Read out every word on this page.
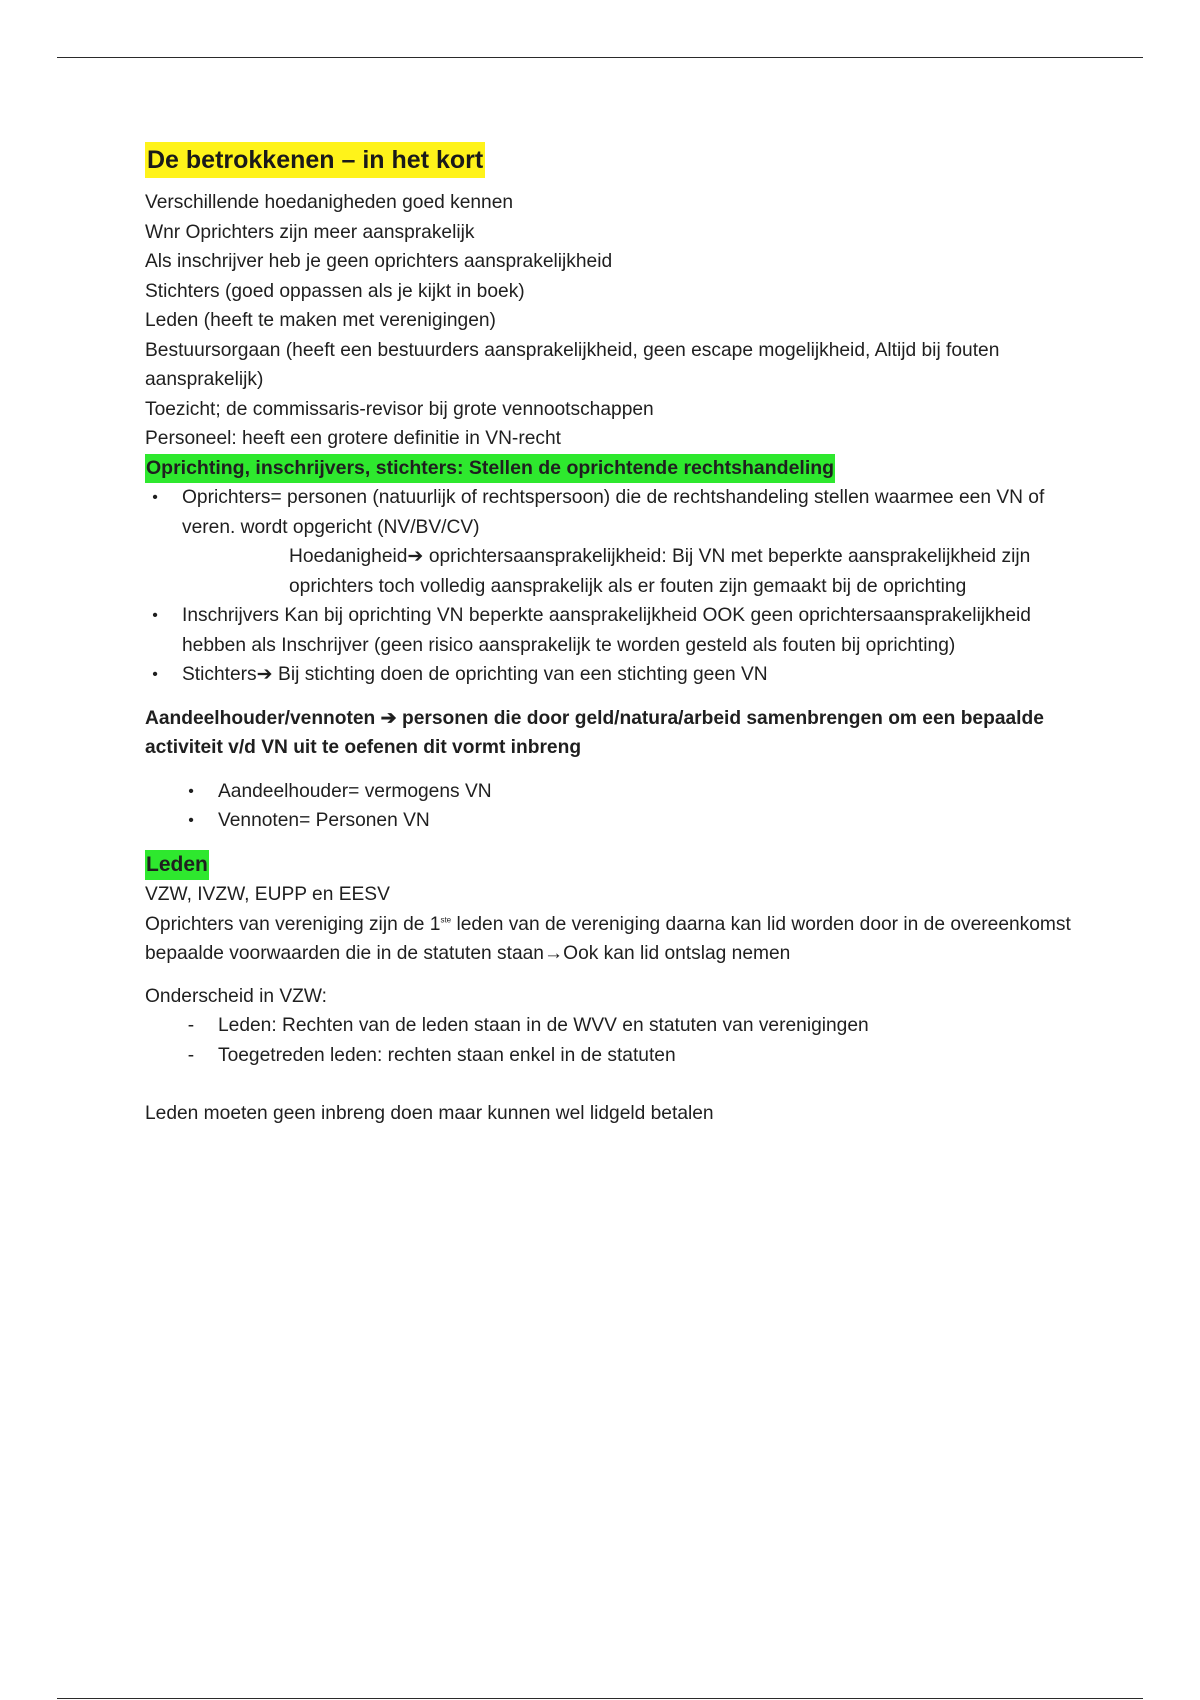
De betrokkenen – in het kort
Verschillende hoedanigheden goed kennen
Wnr Oprichters zijn meer aansprakelijk
Als inschrijver heb je geen oprichters aansprakelijkheid
Stichters (goed oppassen als je kijkt in boek)
Leden (heeft te maken met verenigingen)
Bestuursorgaan (heeft een bestuurders aansprakelijkheid, geen escape mogelijkheid, Altijd bij fouten aansprakelijk)
Toezicht; de commissaris-revisor bij grote vennootschappen
Personeel: heeft een grotere definitie in VN-recht
Oprichting, inschrijvers, stichters: Stellen de oprichtende rechtshandeling
•	Oprichters= personen (natuurlijk of rechtspersoon) die de rechtshandeling stellen waarmee een VN of veren. wordt opgericht (NV/BV/CV)
Hoedanigheid➔ oprichtersaansprakelijkheid: Bij VN met beperkte aansprakelijkheid zijn oprichters toch volledig aansprakelijk als er fouten zijn gemaakt bij de oprichting
•	Inschrijvers Kan bij oprichting VN beperkte aansprakelijkheid OOK geen oprichtersaansprakelijkheid hebben als Inschrijver (geen risico aansprakelijk te worden gesteld als fouten bij oprichting)
•	Stichters➔ Bij stichting doen de oprichting van een stichting geen VN
Aandeelhouder/vennoten ➔ personen die door geld/natura/arbeid samenbrengen om een bepaalde activiteit v/d VN uit te oefenen dit vormt inbreng
•	Aandeelhouder= vermogens VN
•	Vennoten= Personen VN
Leden
VZW, IVZW, EUPP en EESV
Oprichters van vereniging zijn de 1ste leden van de vereniging daarna kan lid worden door in de overeenkomst bepaalde voorwaarden die in de statuten staan→Ook kan lid ontslag nemen
Onderscheid in VZW:
-	Leden: Rechten van de leden staan in de WVV en statuten van verenigingen
-	Toegetreden leden: rechten staan enkel in de statuten
Leden moeten geen inbreng doen maar kunnen wel lidgeld betalen
